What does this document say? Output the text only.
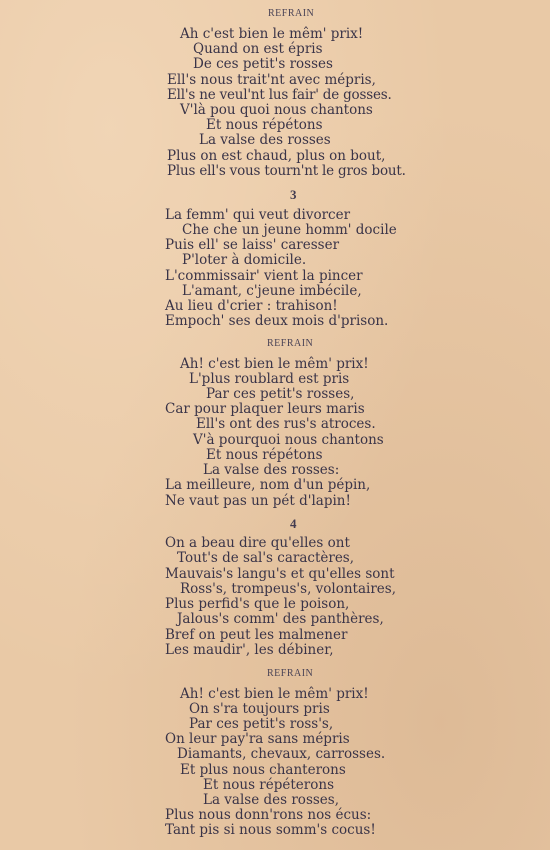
REFRAIN
Ah c'est bien le mêm' prix!
Quand on est épris
De ces petit's rosses
Ell's nous trait'nt avec mépris,
Ell's ne veul'nt lus fair' de gosses.
V'là pou quoi nous chantons
Et nous répétons
La valse des rosses
Plus on est chaud, plus on bout,
Plus ell's vous tourn'nt le gros bout.
3
La femm' qui veut divorcer
Che che un jeune homm' docile
Puis ell' se laiss' caresser
P'loter à domicile.
L'commissair' vient la pincer
L'amant, c'jeune imbécile,
Au lieu d'crier : trahison!
Empoch' ses deux mois d'prison.
REFRAIN
Ah! c'est bien le mêm' prix!
L'plus roublard est pris
Par ces petit's rosses,
Car pour plaquer leurs maris
Ell's ont des rus's atroces.
V'à pourquoi nous chantons
Et nous répétons
La valse des rosses:
La meilleure, nom d'un pépin,
Ne vaut pas un pét d'lapin!
4
On a beau dire qu'elles ont
Tout's de sal's caractères,
Mauvais's langu's et qu'elles sont
Ross's, trompeus's, volontaires,
Plus perfid's que le poison,
Jalous's comm' des panthères,
Bref on peut les malmener
Les maudir', les débiner,
REFRAIN
Ah! c'est bien le mêm' prix!
On s'ra toujours pris
Par ces petit's ross's,
On leur pay'ra sans mépris
Diamants, chevaux, carrosses.
Et plus nous chanterons
Et nous répéterons
La valse des rosses,
Plus nous donn'rons nos écus:
Tant pis si nous somm's cocus!
